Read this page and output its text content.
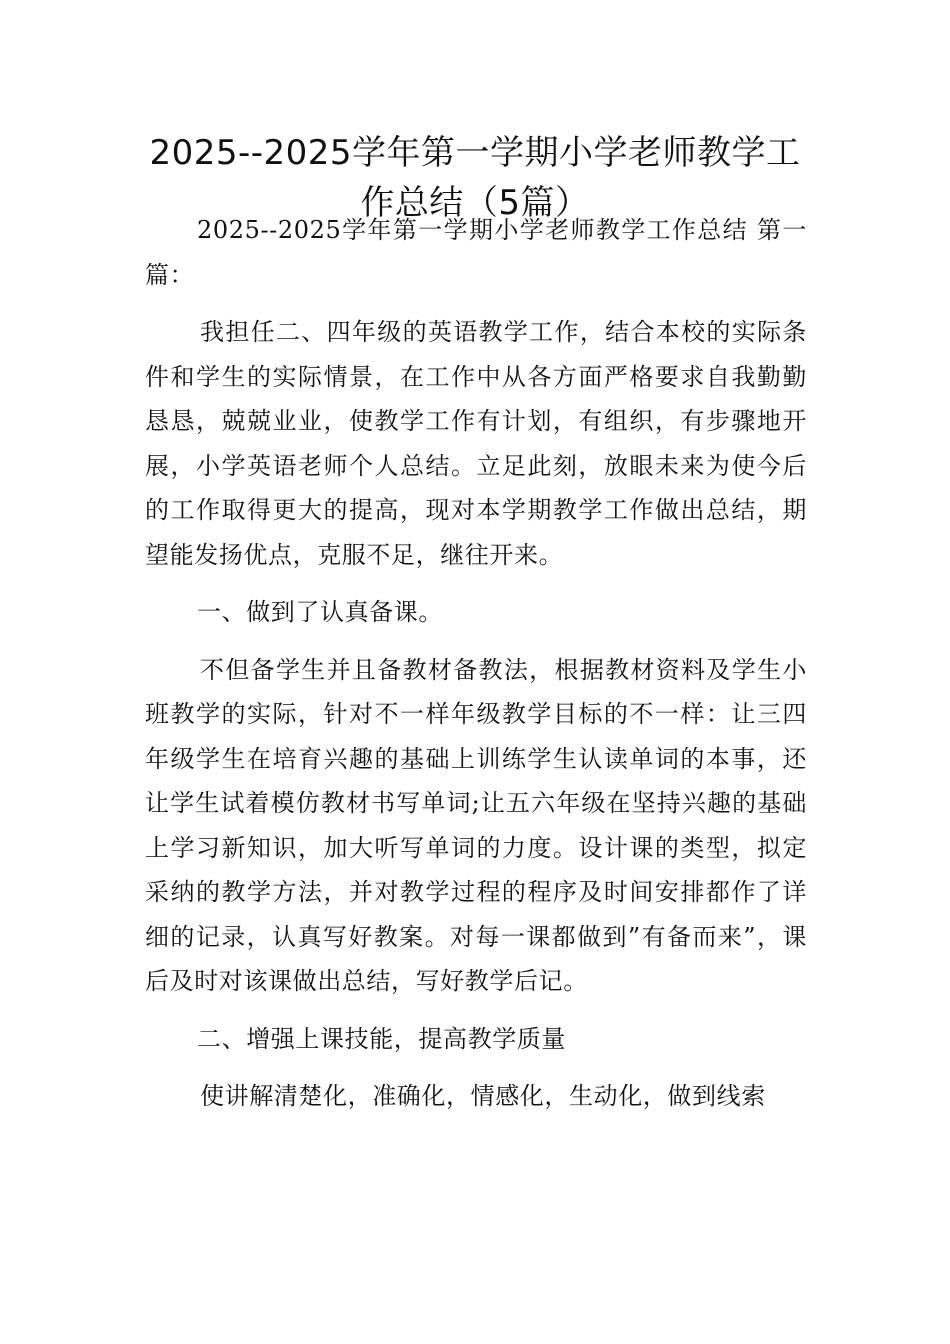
2025--2025学年第一学期小学老师教学工作总结（5篇）

2025--2025学年第一学期小学老师教学工作总结 第一篇：

我担任二、四年级的英语教学工作，结合本校的实际条件和学生的实际情景，在工作中从各方面严格要求自我勤勤恳恳，兢兢业业，使教学工作有计划，有组织，有步骤地开展，小学英语老师个人总结。立足此刻，放眼未来为使今后的工作取得更大的提高，现对本学期教学工作做出总结，期望能发扬优点，克服不足，继往开来。

一、做到了认真备课。

不但备学生并且备教材备教法，根据教材资料及学生小班教学的实际，针对不一样年级教学目标的不一样：让三四年级学生在培育兴趣的基础上训练学生认读单词的本事，还让学生试着模仿教材书写单词;让五六年级在坚持兴趣的基础上学习新知识，加大听写单词的力度。设计课的类型，拟定采纳的教学方法，并对教学过程的程序及时间安排都作了详细的记录，认真写好教案。对每一课都做到”有备而来”，课后及时对该课做出总结，写好教学后记。

二、增强上课技能，提高教学质量

使讲解清楚化，准确化，情感化，生动化，做到线索
